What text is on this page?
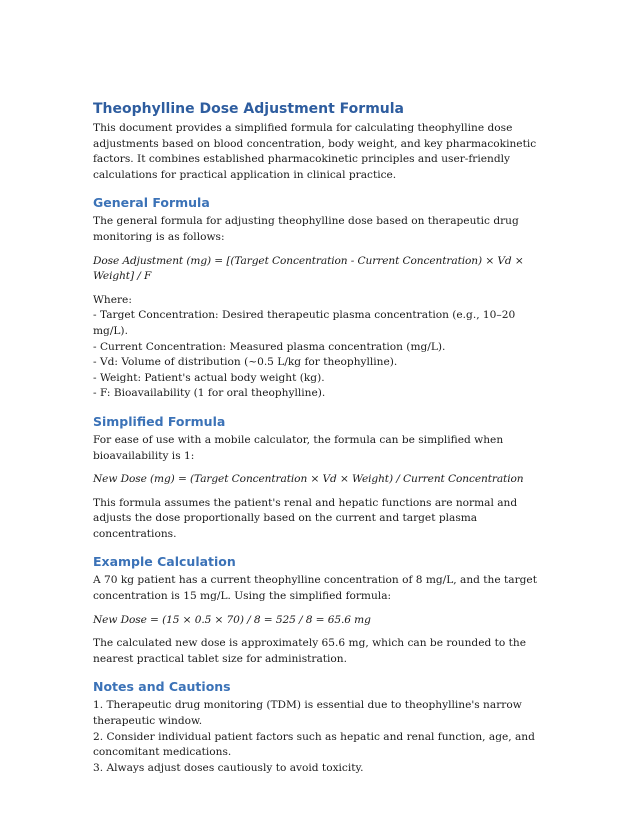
Theophylline Dose Adjustment Formula

This document provides a simplified formula for calculating theophylline dose adjustments based on blood concentration, body weight, and key pharmacokinetic factors. It combines established pharmacokinetic principles and user-friendly calculations for practical application in clinical practice.

General Formula

The general formula for adjusting theophylline dose based on therapeutic drug monitoring is as follows:

Dose Adjustment (mg) = [(Target Concentration - Current Concentration) × Vd × Weight] / F

Where:
- Target Concentration: Desired therapeutic plasma concentration (e.g., 10–20 mg/L).
- Current Concentration: Measured plasma concentration (mg/L).
- Vd: Volume of distribution (~0.5 L/kg for theophylline).
- Weight: Patient's actual body weight (kg).
- F: Bioavailability (1 for oral theophylline).

Simplified Formula

For ease of use with a mobile calculator, the formula can be simplified when bioavailability is 1:

New Dose (mg) = (Target Concentration × Vd × Weight) / Current Concentration

This formula assumes the patient's renal and hepatic functions are normal and adjusts the dose proportionally based on the current and target plasma concentrations.

Example Calculation

A 70 kg patient has a current theophylline concentration of 8 mg/L, and the target concentration is 15 mg/L. Using the simplified formula:

New Dose = (15 × 0.5 × 70) / 8 = 525 / 8 = 65.6 mg

The calculated new dose is approximately 65.6 mg, which can be rounded to the nearest practical tablet size for administration.

Notes and Cautions

1. Therapeutic drug monitoring (TDM) is essential due to theophylline's narrow therapeutic window.
2. Consider individual patient factors such as hepatic and renal function, age, and concomitant medications.
3. Always adjust doses cautiously to avoid toxicity.
